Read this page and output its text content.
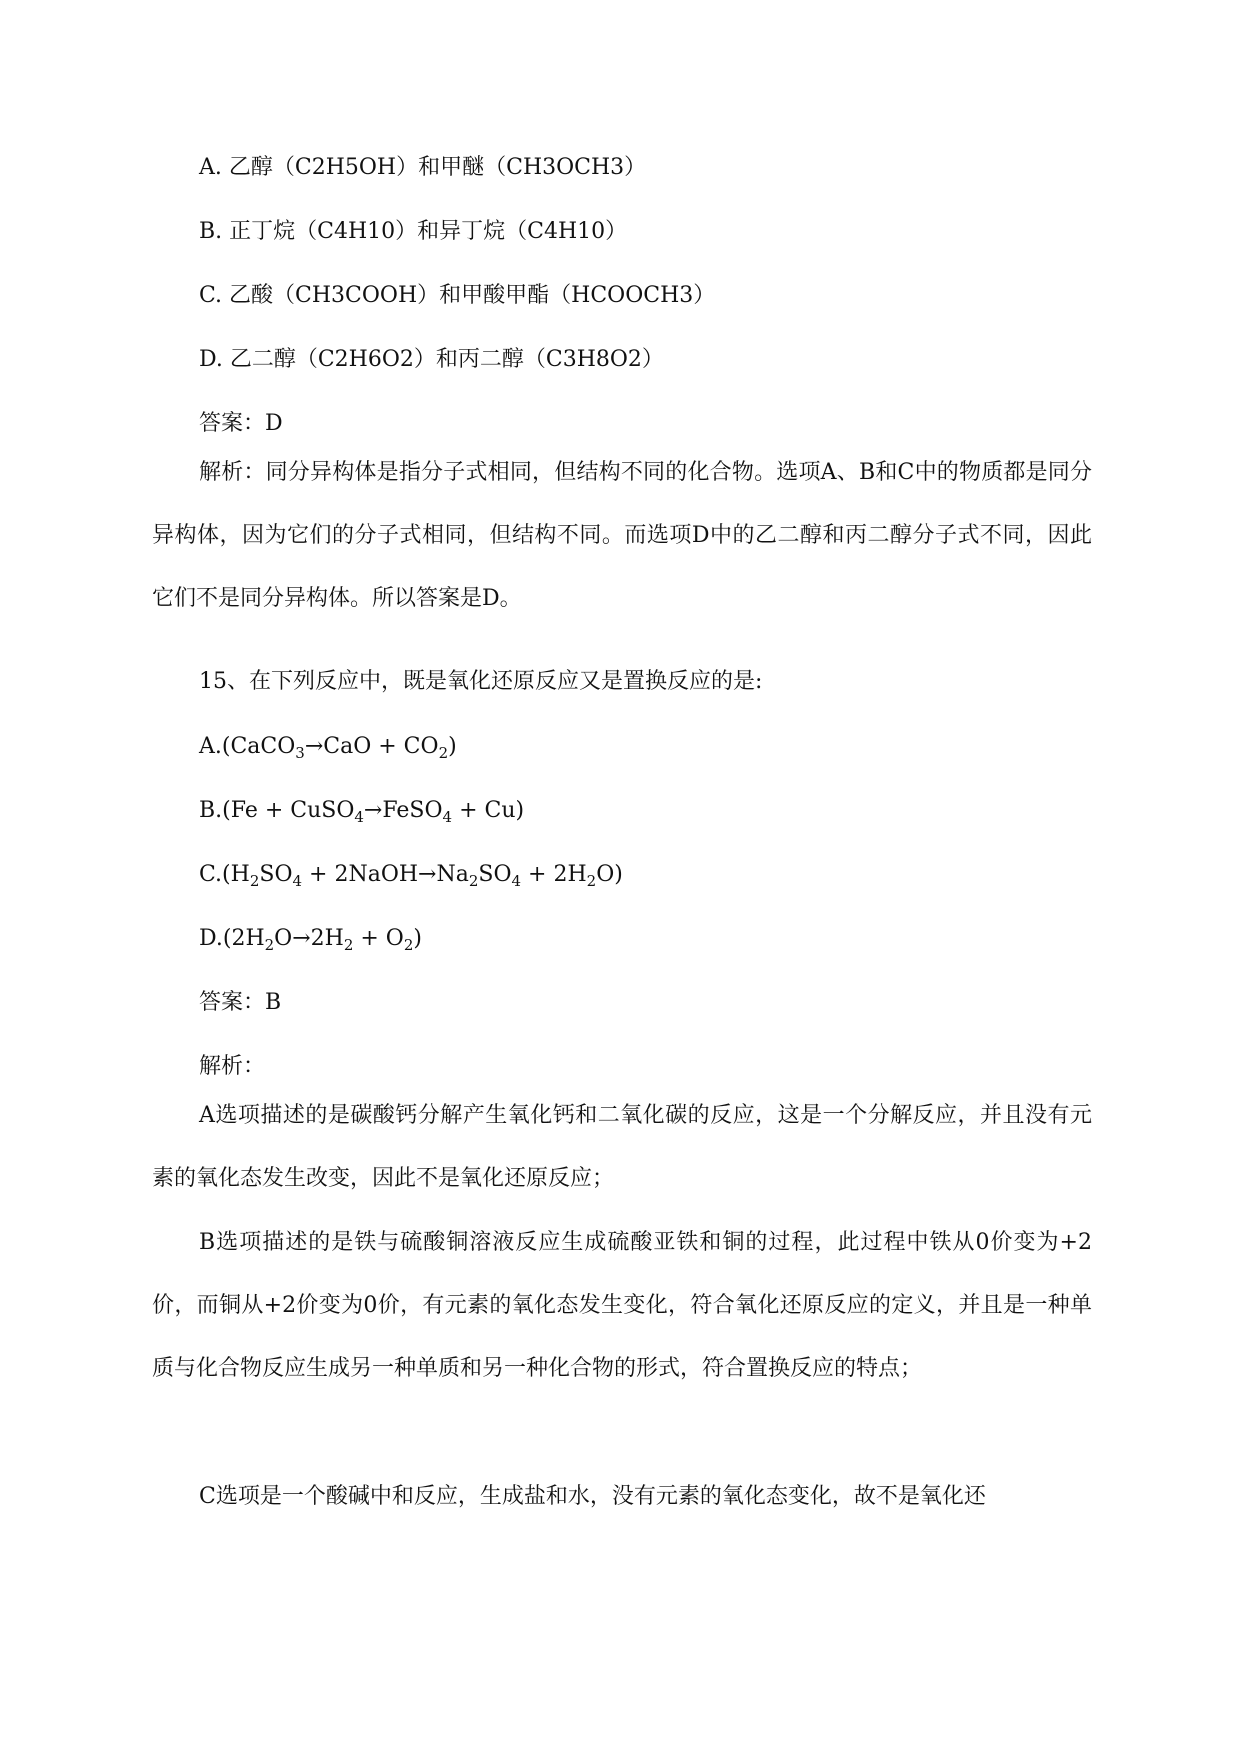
A. 乙醇（C2H5OH）和甲醚（CH3OCH3）
B. 正丁烷（C4H10）和异丁烷（C4H10）
C. 乙酸（CH3COOH）和甲酸甲酯（HCOOCH3）
D. 乙二醇（C2H6O2）和丙二醇（C3H8O2）
答案：D
解析：同分异构体是指分子式相同，但结构不同的化合物。选项A、B和C中的物质都是同分异构体，因为它们的分子式相同，但结构不同。而选项D中的乙二醇和丙二醇分子式不同，因此它们不是同分异构体。所以答案是D。
15、在下列反应中，既是氧化还原反应又是置换反应的是:
A.(CaCO$_3$→CaO + $CO_2$)
B.(Fe + CuSO$_4$→FeSO$_4$ + Cu)
$C.(H_2SO_4$ + $2NaOH\to Na_2SO_4 + 2H_2O$)
$D.(2H_2O\to 2H_2 + O_2)$
答案：B
解析：
A选项描述的是碳酸钙分解产生氧化钙和二氧化碳的反应，这是一个分解反应，并且没有元素的氧化态发生改变，因此不是氧化还原反应；
B选项描述的是铁与硫酸铜溶液反应生成硫酸亚铁和铜的过程，此过程中铁从0价变为+2价，而铜从+2价变为0价，有元素的氧化态发生变化，符合氧化还原反应的定义，并且是一种单质与化合物反应生成另一种单质和另一种化合物的形式，符合置换反应的特点；
C选项是一个酸碱中和反应，生成盐和水，没有元素的氧化态变化，故不是氧化还
